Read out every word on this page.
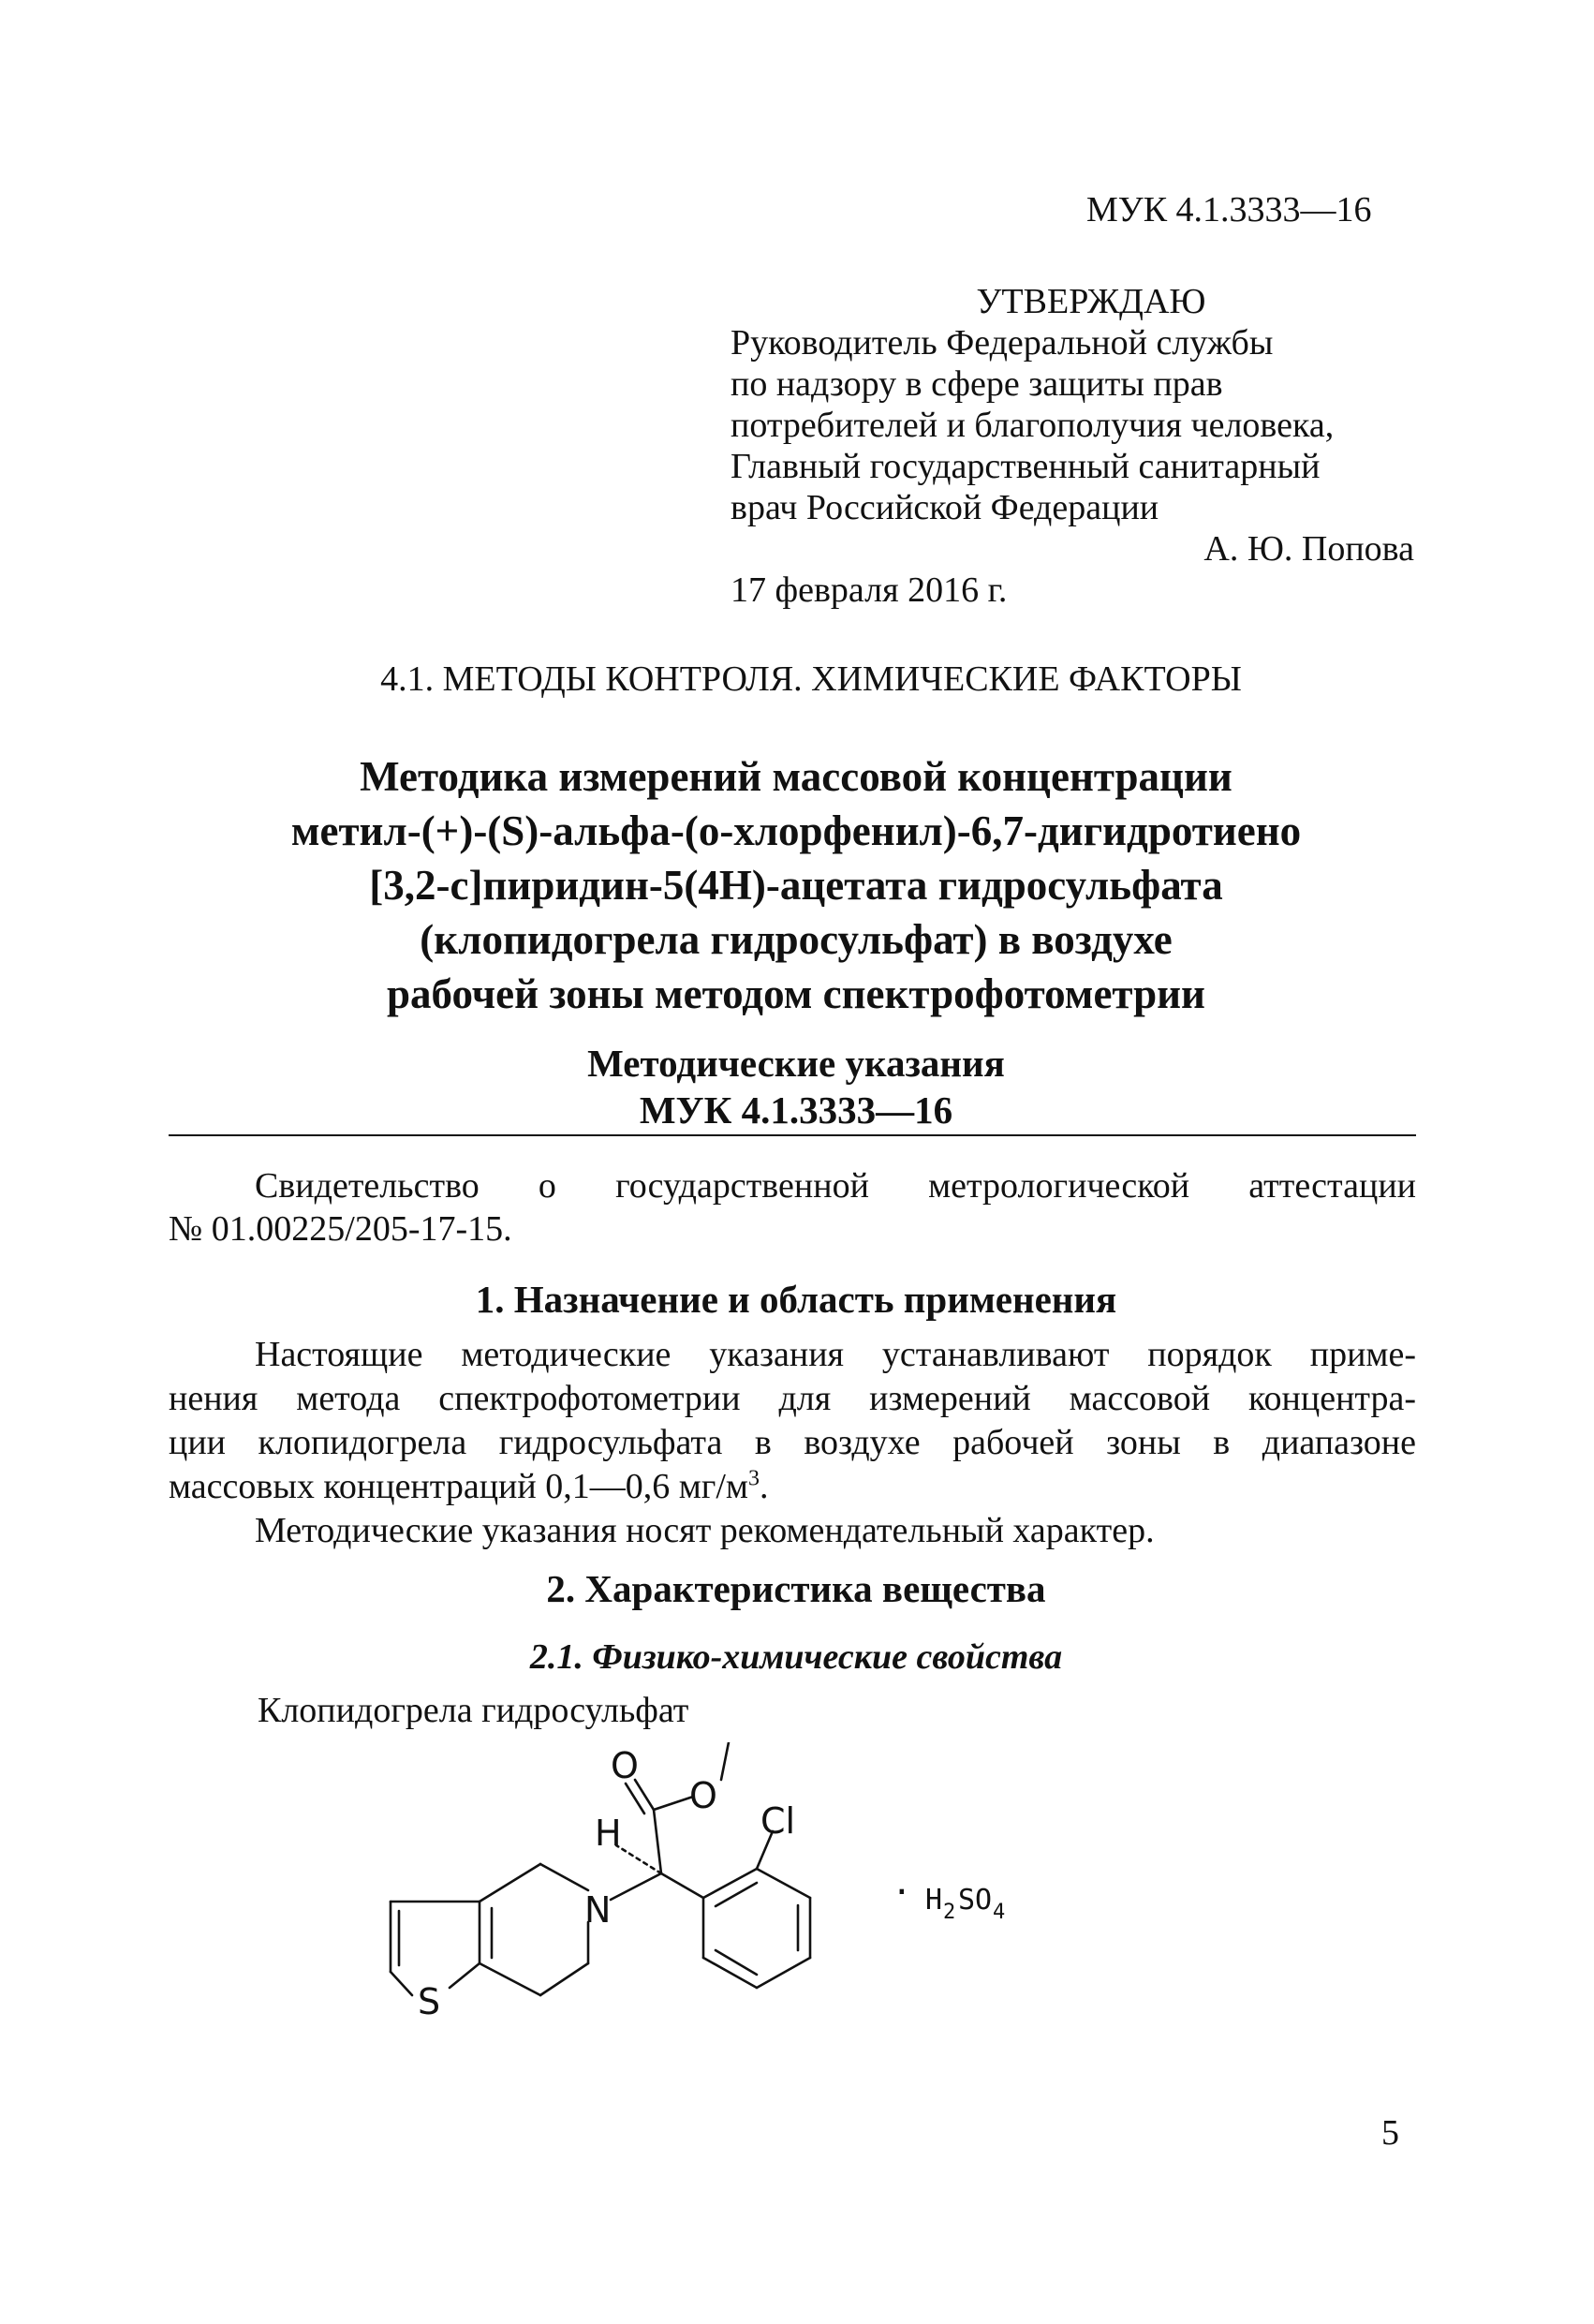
МУК 4.1.3333—16
УТВЕРЖДАЮ
Руководитель Федеральной службы
по надзору в сфере защиты прав
потребителей и благополучия человека,
Главный государственный санитарный
врач Российской Федерации
А. Ю. Попова
17 февраля 2016 г.
4.1. МЕТОДЫ КОНТРОЛЯ. ХИМИЧЕСКИЕ ФАКТОРЫ
Методика измерений массовой концентрации
метил-(+)-(S)-альфа-(о-хлорфенил)-6,7-дигидротиено
[3,2-с]пиридин-5(4Н)-ацетата гидросульфата
(клопидогрела гидросульфат) в воздухе
рабочей зоны методом спектрофотометрии
Методические указания
МУК 4.1.3333—16
Свидетельство о государственной метрологической аттестации
№ 01.00225/205-17-15.
1. Назначение и область применения
Настоящие методические указания устанавливают порядок приме-
нения метода спектрофотометрии для измерений массовой концентра-
ции клопидогрела гидросульфата в воздухе рабочей зоны в диапазоне
массовых концентраций 0,1—0,6 $мг/м^3$.
Методические указания носят рекомендательный характер.
2. Характеристика вещества
2.1. Физико-химические свойства
Клопидогрела гидросульфат
O
O
H	Cl
N
S
· H 2 SO 4
5
